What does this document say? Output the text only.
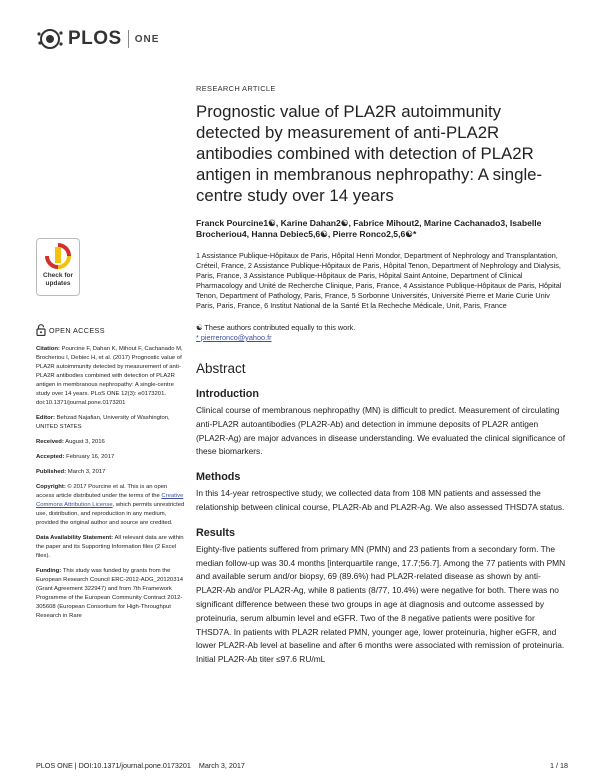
PLOS ONE
RESEARCH ARTICLE
Prognostic value of PLA2R autoimmunity detected by measurement of anti-PLA2R antibodies combined with detection of PLA2R antigen in membranous nephropathy: A single-centre study over 14 years
Franck Pourcine1☯, Karine Dahan2☯, Fabrice Mihout2, Marine Cachanado3, Isabelle Brocheriou4, Hanna Debiec5,6☯, Pierre Ronco2,5,6☯*
1 Assistance Publique-Hôpitaux de Paris, Hôpital Henri Mondor, Department of Nephrology and Transplantation, Créteil, France, 2 Assistance Publique-Hôpitaux de Paris, Hôpital Tenon, Department of Nephrology and Dialysis, Paris, France, 3 Assistance Publique-Hôpitaux de Paris, Hôpital Saint Antoine, Department of Clinical Pharmacology and Unité de Recherche Clinique, Paris, France, 4 Assistance Publique-Hôpitaux de Paris, Hôpital Tenon, Department of Pathology, Paris, France, 5 Sorbonne Universités, Université Pierre et Marie Curie Univ Paris, Paris, France, 6 Institut National de la Santé Et la Recheche Médicale, Unit, Paris, France
☯ These authors contributed equally to this work.
* pierreronco@yahoo.fr
Abstract
Introduction

Clinical course of membranous nephropathy (MN) is difficult to predict. Measurement of circulating anti-PLA2R autoantibodies (PLA2R-Ab) and detection in immune deposits of PLA2R antigen (PLA2R-Ag) are major advances in disease understanding. We evaluated the clinical significance of these biomarkers.

Methods

In this 14-year retrospective study, we collected data from 108 MN patients and assessed the relationship between clinical course, PLA2R-Ab and PLA2R-Ag. We also assessed THSD7A status.

Results

Eighty-five patients suffered from primary MN (PMN) and 23 patients from a secondary form. The median follow-up was 30.4 months [interquartile range, 17.7;56.7]. Among the 77 patients with PMN and available serum and/or biopsy, 69 (89.6%) had PLA2R-related disease as shown by anti-PLA2R-Ab and/or PLA2R-Ag, while 8 patients (8/77, 10.4%) were negative for both. There was no significant difference between these two groups in age at diagnosis and outcome assessed by proteinuria, serum albumin level and eGFR. Two of the 8 negative patients were positive for THSD7A. In patients with PLA2R related PMN, younger age, lower proteinuria, higher eGFR, and lower PLA2R-Ab level at baseline and after 6 months were associated with remission of proteinuria. Initial PLA2R-Ab titer ≤97.6 RU/mL

Check for updates
OPEN ACCESS
Citation: Pourcine F, Dahan K, Mihout F, Cachanado M, Brocheriou I, Debiec H, et al. (2017) Prognostic value of PLA2R autoimmunity detected by measurement of anti-PLA2R antibodies combined with detection of PLA2R antigen in membranous nephropathy: A single-centre study over 14 years. PLoS ONE 12(3): e0173201. doi:10.1371/journal.pone.0173201
Editor: Behzad Najafian, University of Washington, UNITED STATES
Received: August 3, 2016
Accepted: February 16, 2017
Published: March 3, 2017
Copyright: © 2017 Pourcine et al. This is an open access article distributed under the terms of the Creative Commons Attribution License, which permits unrestricted use, distribution, and reproduction in any medium, provided the original author and source are credited.
Data Availability Statement: All relevant data are within the paper and its Supporting Information files (2 Excel files).
Funding: This study was funded by grants from the European Research Council ERC-2012-ADG_20120314 (Grant Agreement 322947) and from 7th Framework Programme of the European Community Contract 2012-305608 (European Consortium for High-Throughput Research in Rare
PLOS ONE | DOI:10.1371/journal.pone.0173201    March 3, 2017	1 / 18
